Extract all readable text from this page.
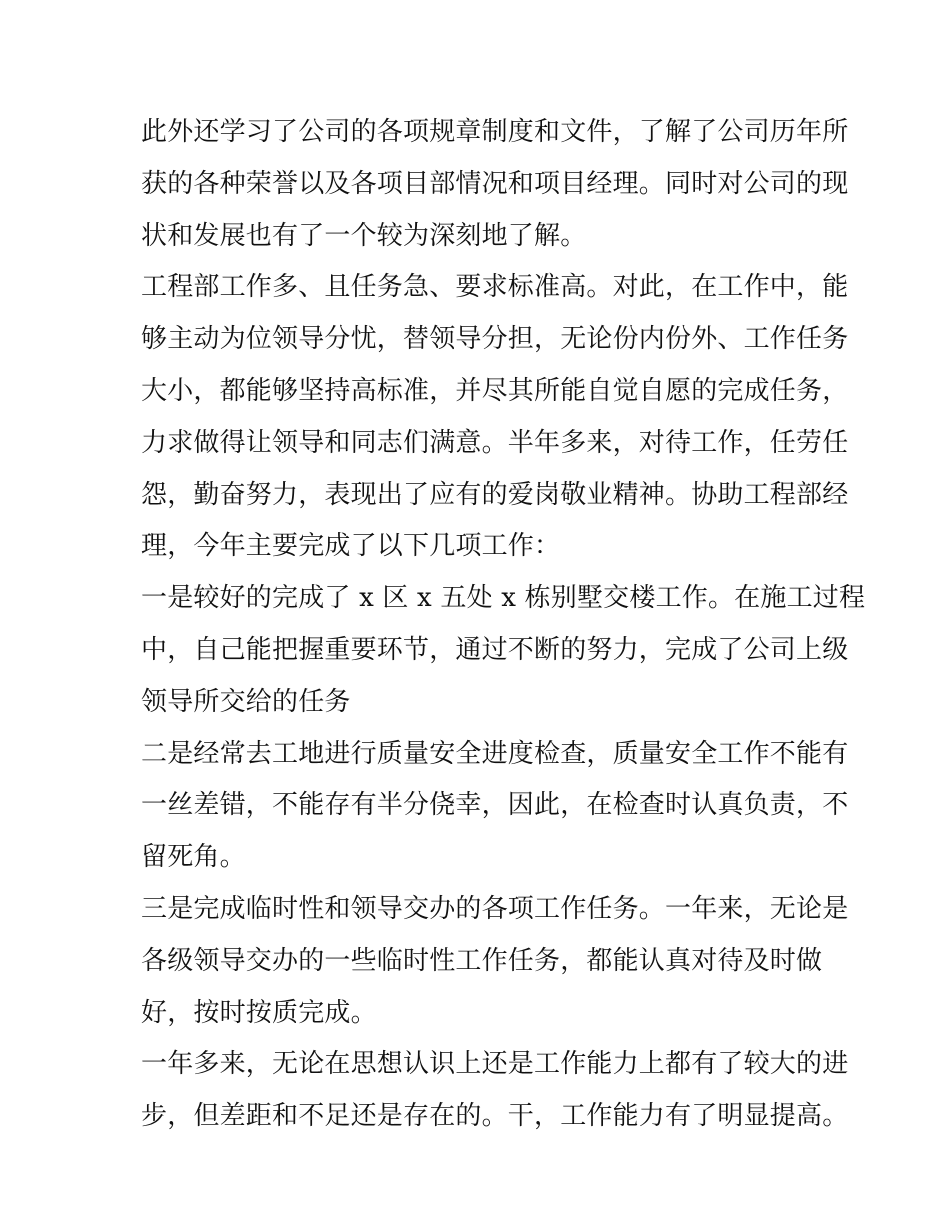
此外还学习了公司的各项规章制度和文件，了解了公司历年所
获的各种荣誉以及各项目部情况和项目经理。同时对公司的现
状和发展也有了一个较为深刻地了解。
工程部工作多、且任务急、要求标准高。对此，在工作中，能
够主动为位领导分忧，替领导分担，无论份内份外、工作任务
大小，都能够坚持高标准，并尽其所能自觉自愿的完成任务，
力求做得让领导和同志们满意。半年多来，对待工作，任劳任
怨，勤奋努力，表现出了应有的爱岗敬业精神。协助工程部经
理，今年主要完成了以下几项工作：
一是较好的完成了 x 区 x 五处 x 栋别墅交楼工作。在施工过程
中，自己能把握重要环节，通过不断的努力，完成了公司上级
领导所交给的任务
二是经常去工地进行质量安全进度检查，质量安全工作不能有
一丝差错，不能存有半分侥幸，因此，在检查时认真负责，不
留死角。
三是完成临时性和领导交办的各项工作任务。一年来，无论是
各级领导交办的一些临时性工作任务，都能认真对待及时做
好，按时按质完成。
一年多来，无论在思想认识上还是工作能力上都有了较大的进
步，但差距和不足还是存在的。干，工作能力有了明显提高。
